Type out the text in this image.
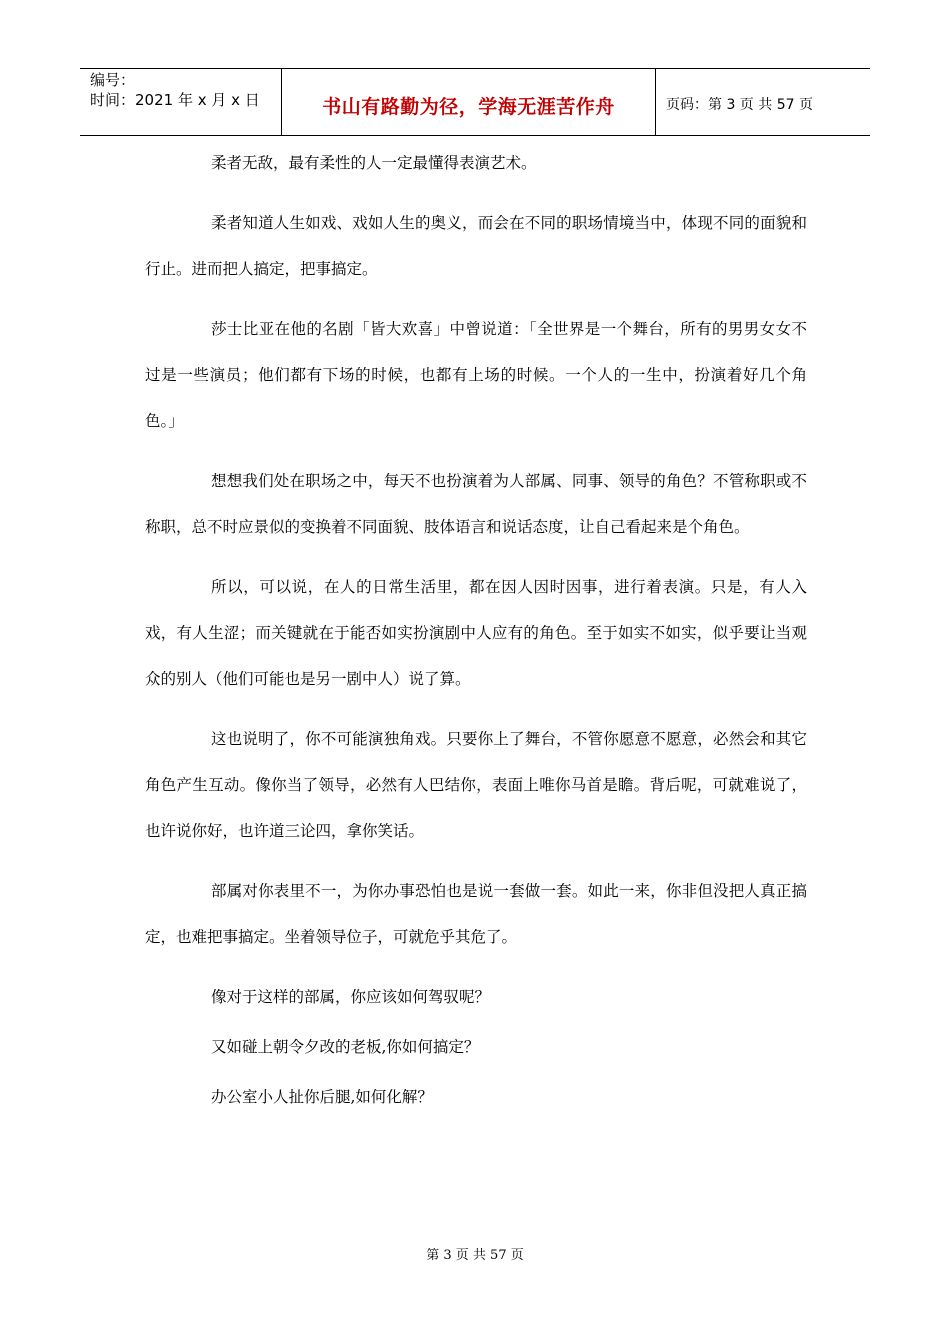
编号：
时间：2021 年 x 月 x 日	书山有路勤为径，学海无涯苦作舟	页码：第 3 页 共 57 页

柔者无敌，最有柔性的人一定最懂得表演艺术。

柔者知道人生如戏、戏如人生的奥义，而会在不同的职场情境当中，体现不同的面貌和行止。进而把人搞定，把事搞定。

莎士比亚在他的名剧「皆大欢喜」中曾说道：「全世界是一个舞台，所有的男男女女不过是一些演员；他们都有下场的时候，也都有上场的时候。一个人的一生中，扮演着好几个角色。」

想想我们处在职场之中，每天不也扮演着为人部属、同事、领导的角色？不管称职或不称职，总不时应景似的变换着不同面貌、肢体语言和说话态度，让自己看起来是个角色。

所以，可以说，在人的日常生活里，都在因人因时因事，进行着表演。只是，有人入戏，有人生涩；而关键就在于能否如实扮演剧中人应有的角色。至于如实不如实，似乎要让当观众的别人（他们可能也是另一剧中人）说了算。

这也说明了，你不可能演独角戏。只要你上了舞台，不管你愿意不愿意，必然会和其它角色产生互动。像你当了领导，必然有人巴结你，表面上唯你马首是瞻。背后呢，可就难说了，也许说你好，也许道三论四，拿你笑话。

部属对你表里不一，为你办事恐怕也是说一套做一套。如此一来，你非但没把人真正搞定，也难把事搞定。坐着领导位子，可就危乎其危了。

像对于这样的部属，你应该如何驾驭呢？

又如碰上朝令夕改的老板,你如何搞定？

办公室小人扯你后腿,如何化解？

第 3 页 共 57 页
